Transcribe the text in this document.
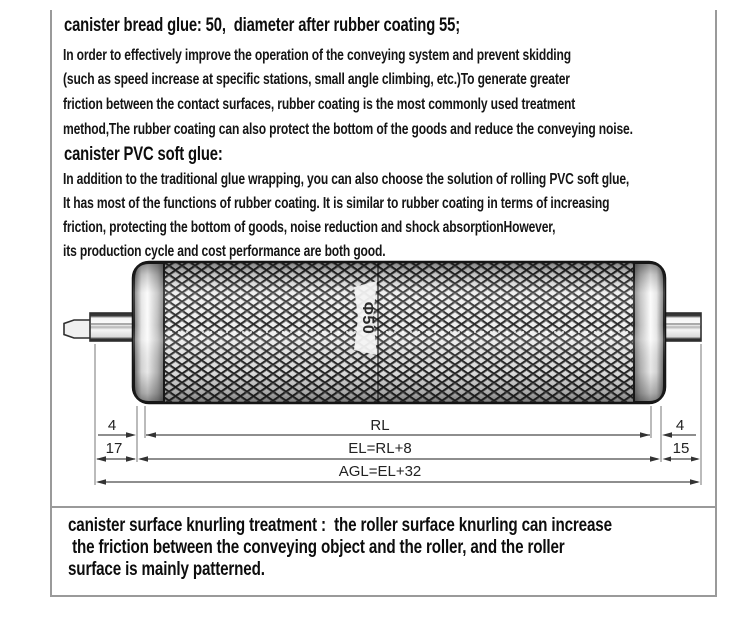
canister bread glue: 50,  diameter after rubber coating 55;
In order to effectively improve the operation of the conveying system and prevent skidding
(such as speed increase at specific stations, small angle climbing, etc.)To generate greater
friction between the contact surfaces, rubber coating is the most commonly used treatment
method,The rubber coating can also protect the bottom of the goods and reduce the conveying noise.
canister PVC soft glue:
In addition to the traditional glue wrapping, you can also choose the solution of rolling PVC soft glue,
It has most of the functions of rubber coating. It is similar to rubber coating in terms of increasing
friction, protecting the bottom of goods, noise reduction and shock absorptionHowever,
its production cycle and cost performance are both good.
Φ50
4	RL	4
17	EL=RL+8	15
AGL=EL+32
canister surface knurling treatment :  the roller surface knurling can increase
the friction between the conveying object and the roller, and the roller
surface is mainly patterned.
